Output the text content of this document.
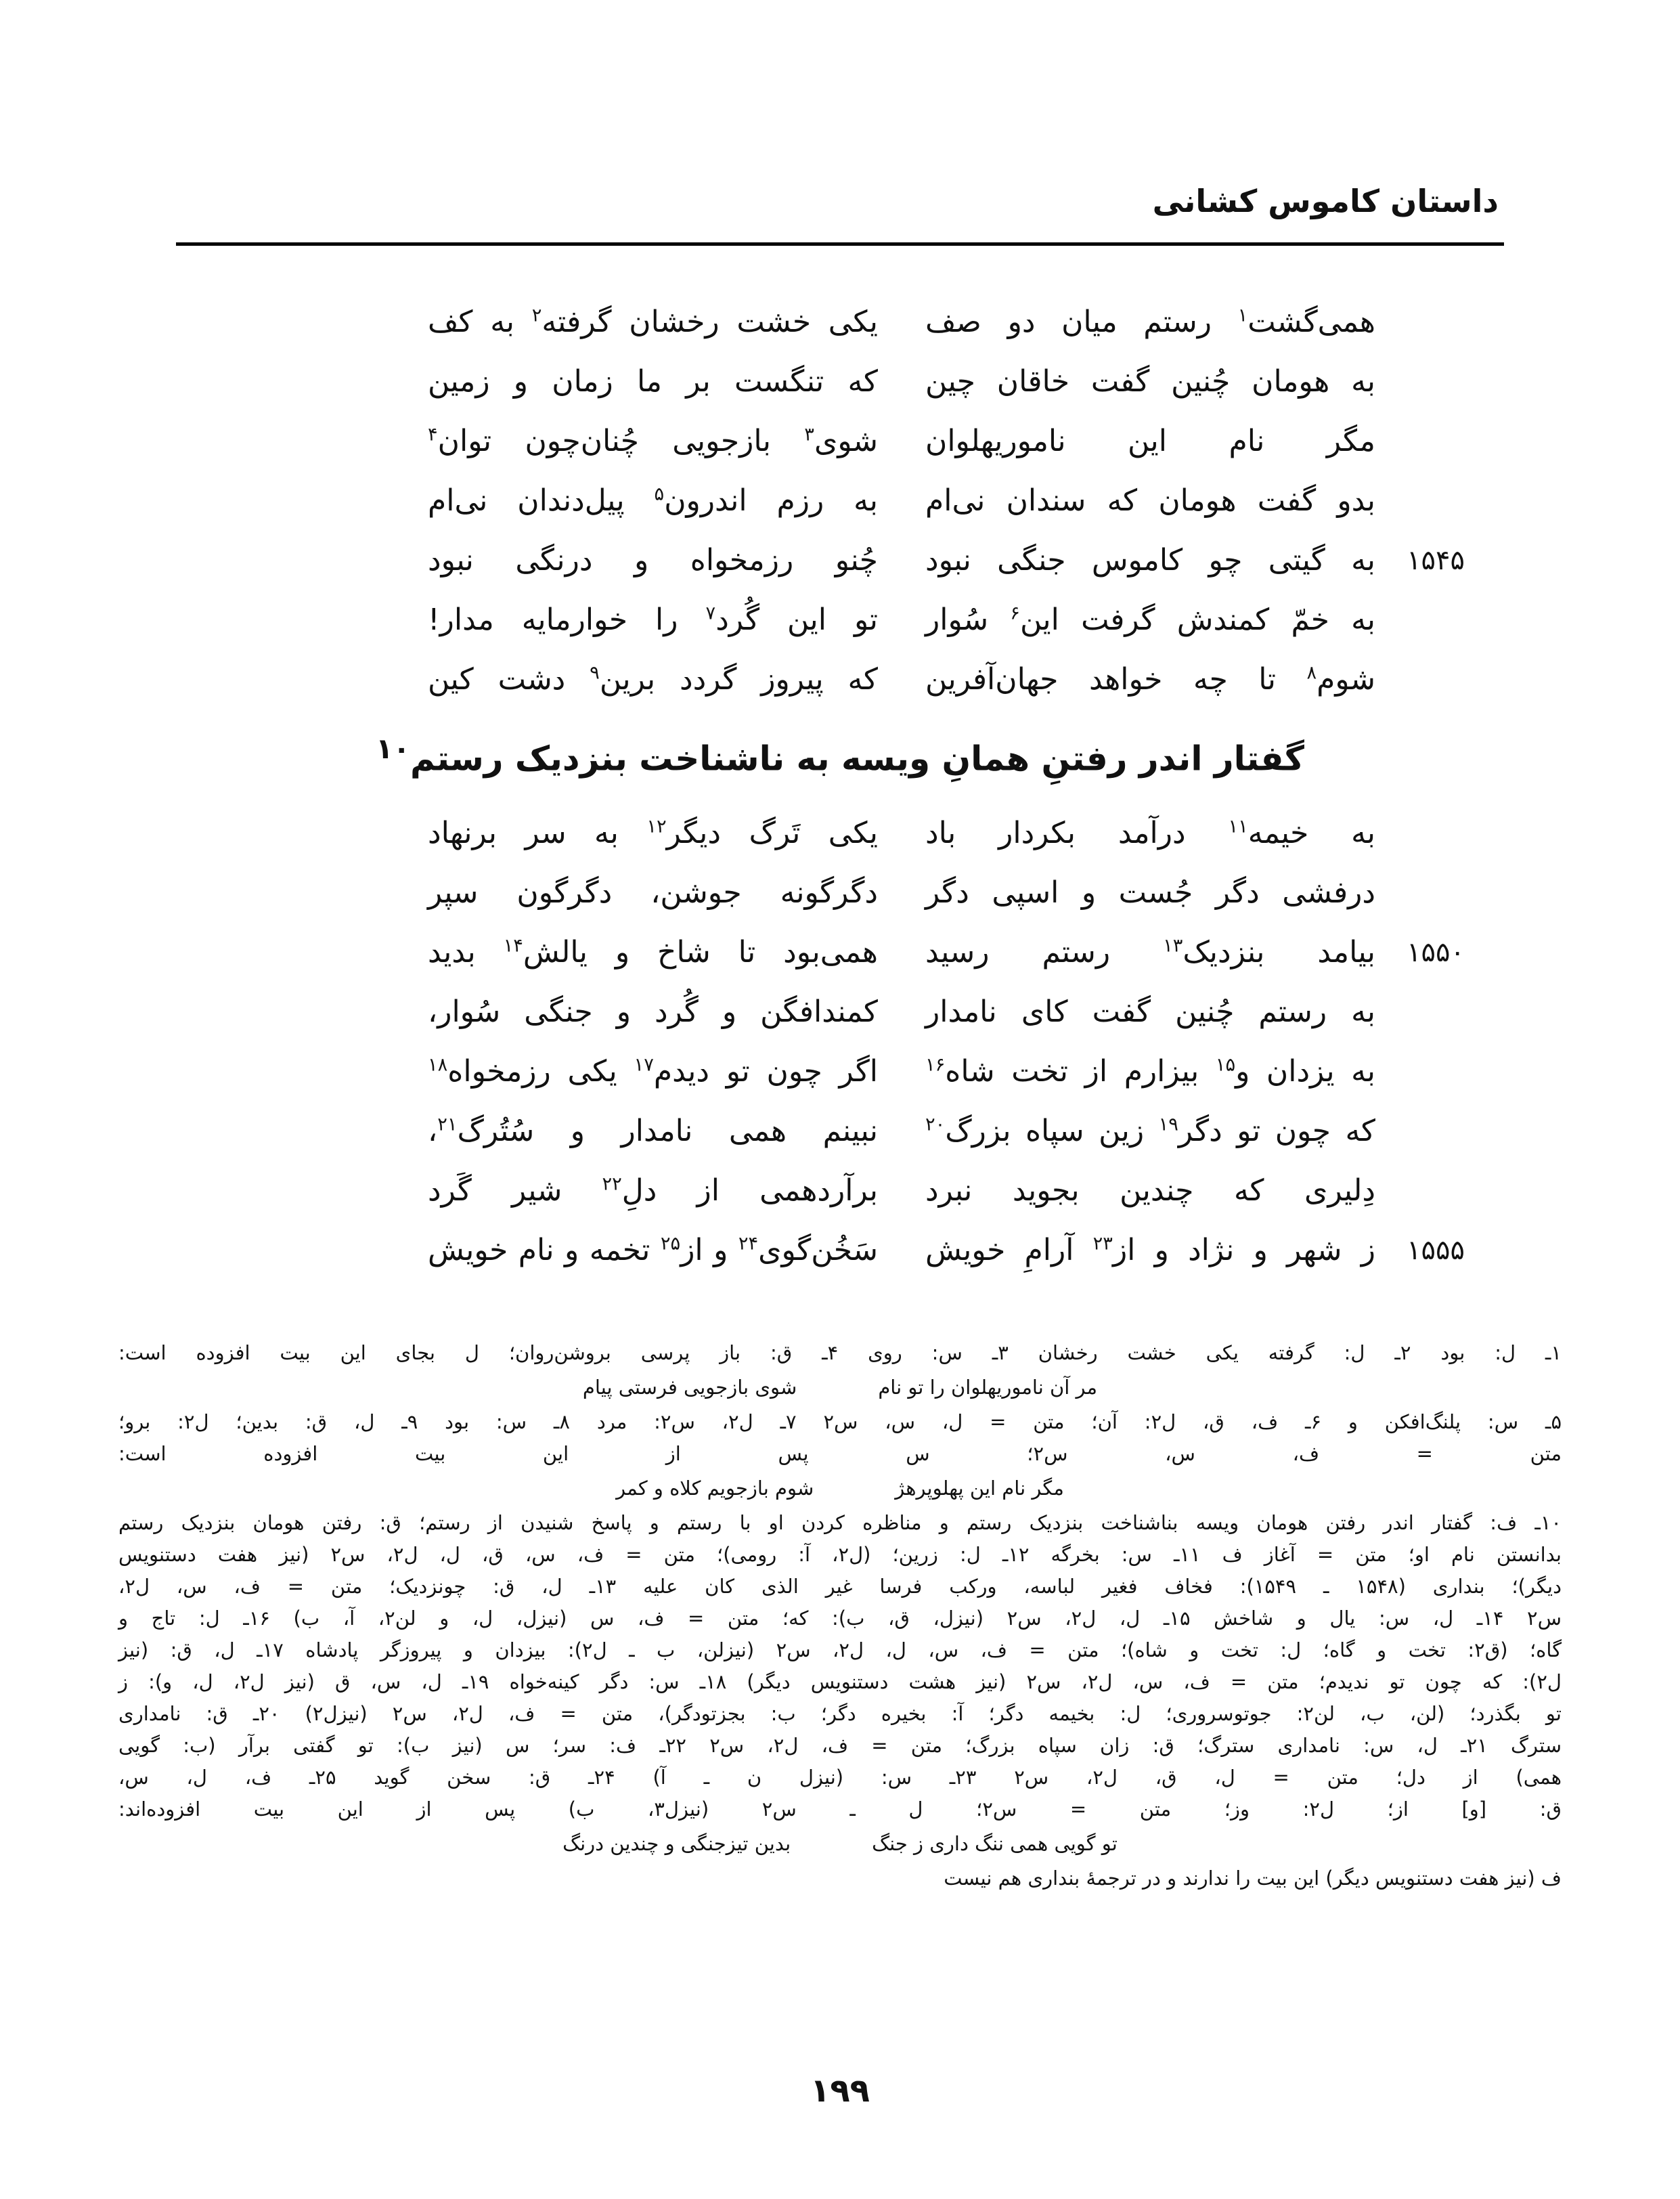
داستان کاموس کشانی
همی‌گشت$^۱$ رستم میان دو صف
یکی خشت رخشان گرفته$^۲$ به کف
به هومان چُنین گفت خاقان چین
که تنگست بر ما زمان و زمین
مگر نام این ناموریهلوان
شوی$^۳$ بازجویی چُنان‌چون توان$^۴$
بدو گفت هومان که سندان نی‌ام
به رزم اندرون$^۵$ پیل‌دندان نی‌ام
۱۵۴۵
به گیتی چو کاموس جنگی نبود
چُنو رزمخواه و درنگی نبود
به خمّ کمندش گرفت این$^۶$ سُوار
تو این گُرد$^۷$ را خوارمایه مدار!
شوم$^۸$ تا چه خواهد جهان‌آفرین
که پیروز گردد برین$^۹$ دشت کین
گفتار اندر رفتنِ همانِ ویسه به ناشناخت بنزدیک رستم$^{۱۰}$
به خیمه$^{۱۱}$ درآمد بکردار باد
یکی تَرگ دیگر$^{۱۲}$ به سر برنهاد
درفشی دگر جُست و اسپی دگر
دگرگونه جوشن، دگرگون سپر
۱۵۵۰
بیامد بنزدیک$^{۱۳}$ رستم رسید
همی‌بود تا شاخ و یالش$^{۱۴}$ بدید
به رستم چُنین گفت کای نامدار
کمندافگن و گُرد و جنگی سُوار،
به یزدان و$^{۱۵}$ بیزارم از تخت شاه$^{۱۶}$
اگر چون تو دیدم$^{۱۷}$ یکی رزمخواه$^{۱۸}$
که چون تو دگر$^{۱۹}$ زین سپاه بزرگ$^{۲۰}$
نبینم همی نامدار و سُتُرگ$^{۲۱}$،
دِلیری که چندین بجوید نبرد
برآردهمی از دلِ$^{۲۲}$ شیر گَرد
۱۵۵۵
ز شهر و نژاد و از$^{۲۳}$ آرامِ خویش
سَخُن‌گوی$^{۲۴}$ و از$^{۲۵}$ تخمه و نام خویش
۱ـ ل: بود ۲ـ ل: گرفته یکی خشت رخشان ۳ـ س: روی ۴ـ ق: باز پرسی بروشن‌روان؛ ل بجای این بیت افزوده است:
مر آن ناموریهلوان را تو نام
شوی بازجویی فرستی پیام
۵ـ س: پلنگ‌افکن و ۶ـ ف، ق، ل۲: آن؛ متن = ل، س، س۲ ۷ـ ل۲، س۲: مرد ۸ـ س: بود ۹ـ ل، ق: بدین؛ ل۲: برو؛
متن = ف، س، س۲؛ س پس از این بیت افزوده است:
مگر نام این پهلوپرهژ
شوم بازجویم کلاه و کمر
۱۰ـ ف: گفتار اندر رفتن هومان ویسه بناشناخت بنزدیک رستم و مناظره کردن او با رستم و پاسخ شنیدن از رستم؛ ق: رفتن هومان بنزدیک رستم
بدانستن نام او؛ متن = آغاز ف ۱۱ـ س: بخرگه ۱۲ـ ل: زرین؛ (ل۲، آ: رومی)؛ متن = ف، س، ق، ل، ل۲، س۲ (نیز هفت دستنویس
دیگر)؛ بنداری (۱۵۴۸ ـ ۱۵۴۹): فخاف فغیر لباسه، ورکب فرسا غیر الذی کان علیه ۱۳ـ ل، ق: چونزدیک؛ متن = ف، س، ل۲،
س۲ ۱۴ـ ل، س: یال و شاخش ۱۵ـ ل، ل۲، س۲ (نیزل، ق، ب): که؛ متن = ف، س (نیزل، ل، و لن۲، آ، ب) ۱۶ـ ل: تاج و
گاه؛ (ق۲: تخت و گاه؛ ل: تخت و شاه)؛ متن = ف، س، ل، ل۲، س۲ (نیزلن، ب ـ ل۲): بیزدان و پیروزگر پادشاه ۱۷ـ ل، ق: (نیز
ل۲): که چون تو ندیدم؛ متن = ف، س، ل۲، س۲ (نیز هشت دستنویس دیگر) ۱۸ـ س: دگر کینه‌خواه ۱۹ـ ل، س، ق (نیز ل۲، ل، و): ز
تو بگذرد؛ (لن، ب، لن۲: جوتوسروری؛ ل: بخیمه دگر؛ آ: بخیره دگر؛ ب: بجزتودگر)، متن = ف، ل۲، س۲ (نیزل۲) ۲۰ـ ق: نامداری
سترگ ۲۱ـ ل، س: نامداری سترگ؛ ق: زان سپاه بزرگ؛ متن = ف، ل۲، س۲ ۲۲ـ ف: سر؛ س (نیز ب): تو گفتی برآر (ب: گویی
همی) از دل؛ متن = ل، ق، ل۲، س۲ ۲۳ـ س: (نیزل ن ـ آ) ۲۴ـ ق: سخن گوید ۲۵ـ ف، ل، س،
ق: [و] از؛ ل۲: وز؛ متن = س۲؛ ل ـ س۲ (نیزل۳، ب) پس از این بیت افزوده‌اند:
تو گویی همی ننگ داری ز جنگ
بدین تیزجنگی و چندین درنگ
ف (نیز هفت دستنویس دیگر) این بیت را ندارند و در ترجمهٔ بنداری هم نیست
۱۹۹
